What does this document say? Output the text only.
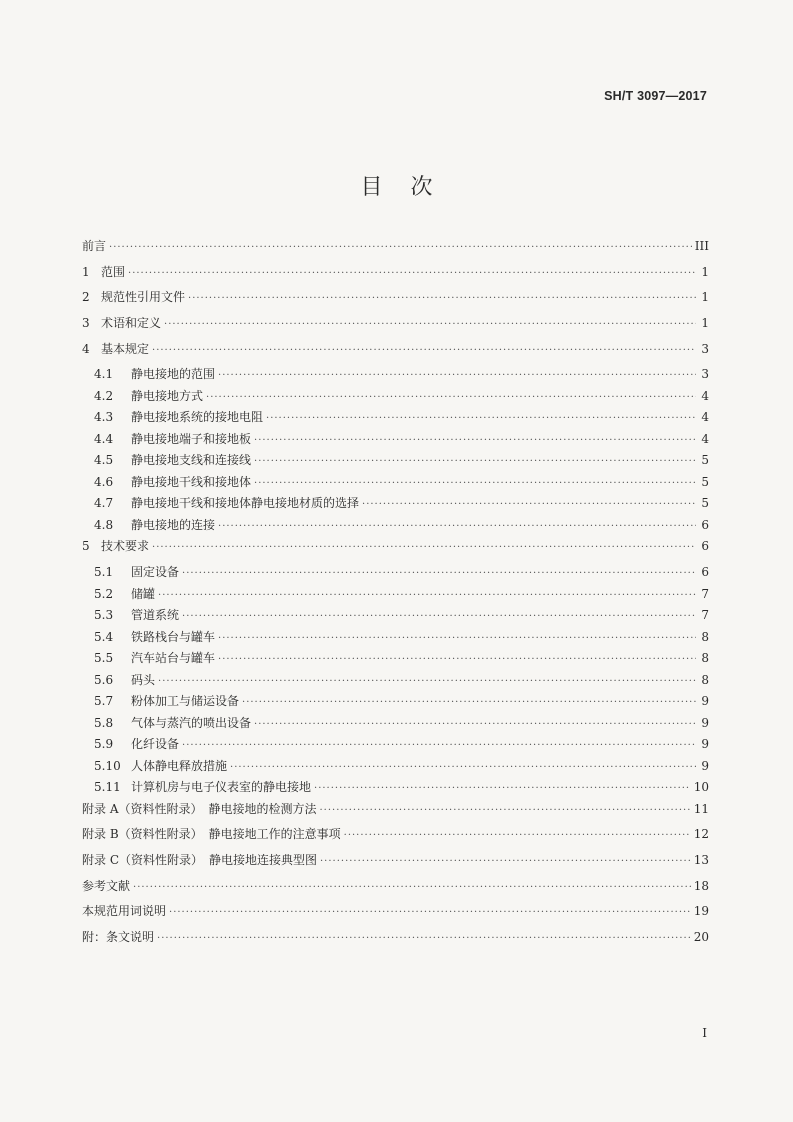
SH/T 3097—2017
目次
前言 ·····	III
1 范围 ·····	1
2 规范性引用文件 ·····	1
3 术语和定义 ·····	1
4 基本规定 ·····	3
4.1	静电接地的范围 ·····	3
4.2	静电接地方式 ·····	4
4.3	静电接地系统的接地电阻 ·····	4
4.4	静电接地端子和接地板 ·····	4
4.5	静电接地支线和连接线 ·····	5
4.6	静电接地干线和接地体 ·····	5
4.7	静电接地干线和接地体静电接地材质的选择 ·····	5
4.8	静电接地的连接 ·····	6
5 技术要求 ·····	6
5.1	固定设备 ·····	6
5.2	储罐 ·····	7
5.3	管道系统 ·····	7
5.4	铁路栈台与罐车 ·····	8
5.5	汽车站台与罐车 ·····	8
5.6	码头 ·····	8
5.7	粉体加工与储运设备 ·····	9
5.8	气体与蒸汽的喷出设备 ·····	9
5.9	化纤设备 ·····	9
5.10 人体静电释放措施 ·····	9
5.11 计算机房与电子仪表室的静电接地 ·····	10
附录 A（资料性附录）　静电接地的检测方法 ·····	11
附录 B（资料性附录）　静电接地工作的注意事项 ·····	12
附录 C（资料性附录）　静电接地连接典型图 ·····	13
参考文献 ·····	18
本规范用词说明 ·····	19
附：条文说明 ·····	20
I
